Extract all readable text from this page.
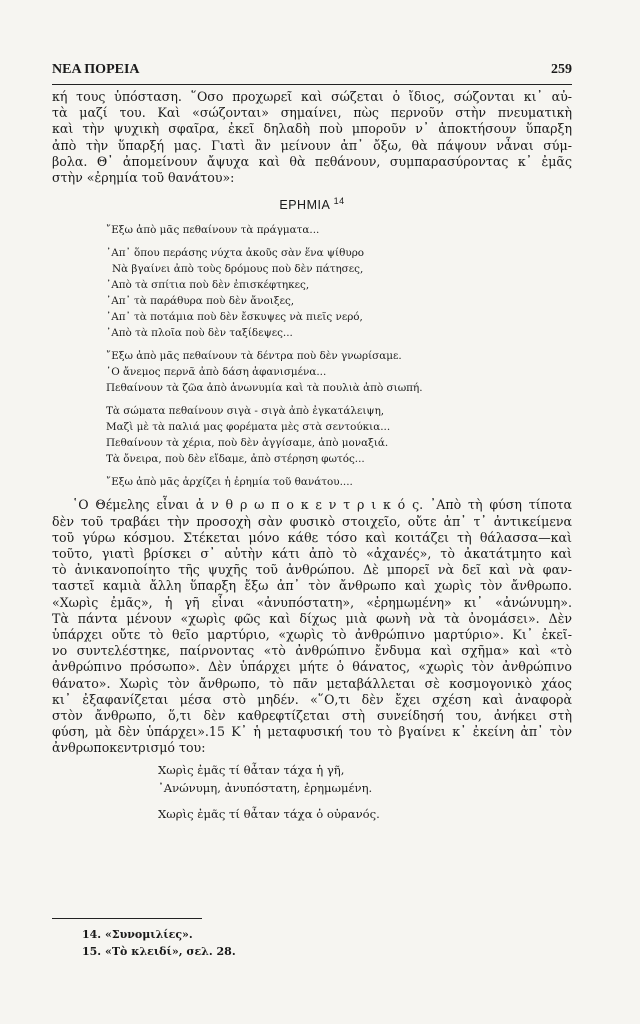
ΝΕΑ ΠΟΡΕΙΑ	259
κή τους ὑπόσταση. ῞Οσο προχωρεῖ καὶ σώζεται ὁ ἴδιος, σώζονται κι᾽ αὐ-
τὰ μαζί του. Καὶ «σώζονται» σημαίνει, πὼς περνοῦν στὴν πνευματικὴ
καὶ τὴν ψυχικὴ σφαῖρα, ἐκεῖ δηλαδὴ ποὺ μποροῦν ν᾽ ἀποκτήσουν ὕπαρξη
ἀπὸ τὴν ὕπαρξή μας. Γιατὶ ἂν μείνουν ἀπ᾽ ὄξω, θὰ πάψουν νἆναι σύμ-
βολα. Θ᾽ ἀπομείνουν ἄψυχα καὶ θὰ πεθάνουν, συμπαρασύροντας κ᾽ ἐμᾶς
στὴν «ἐρημία τοῦ θανάτου»:
ΕΡΗΜΙΑ $^{14}$
῎Εξω ἀπὸ μᾶς πεθαίνουν τὰ πράγματα...
᾽Απ᾽ ὅπου περάσης νύχτα ἀκοῦς σὰν ἕνα ψίθυρο
Νὰ βγαίνει ἀπὸ τοὺς δρόμους ποὺ δὲν πάτησες,
᾽Απὸ τὰ σπίτια ποὺ δὲν ἐπισκέφτηκες,
᾽Απ᾽ τὰ παράθυρα ποὺ δὲν ἄνοιξες,
᾽Απ᾽ τὰ ποτάμια ποὺ δὲν ἔσκυψες νὰ πιεῖς νερό,
᾽Απὸ τὰ πλοῖα ποὺ δὲν ταξίδεψες...
῎Εξω ἀπὸ μᾶς πεθαίνουν τὰ δέντρα ποὺ δὲν γνωρίσαμε.
῾Ο ἄνεμος περνᾶ ἀπὸ δάση ἀφανισμένα...
Πεθαίνουν τὰ ζῶα ἀπὸ ἀνωνυμία καὶ τὰ πουλιὰ ἀπὸ σιωπή.
Τὰ σώματα πεθαίνουν σιγὰ - σιγὰ ἀπὸ ἐγκατάλειψη,
Μαζὶ μὲ τὰ παλιά μας φορέματα μὲς στὰ σεντούκια...
Πεθαίνουν τὰ χέρια, ποὺ δὲν ἀγγίσαμε, ἀπὸ μοναξιά.
Τὰ ὄνειρα, ποὺ δὲν εἴδαμε, ἀπὸ στέρηση φωτός...
῎Εξω ἀπὸ μᾶς ἀρχίζει ἡ ἐρημία τοῦ θανάτου....
῾Ο Θέμελης εἶναι ἀ ν θ ρ ω π ο κ ε ν τ ρ ι κ ό ς. ᾽Απὸ τὴ φύση τίποτα
δὲν τοῦ τραβάει τὴν προσοχὴ σὰν φυσικὸ στοιχεῖο, οὔτε ἀπ᾽ τ᾽ ἀντικείμενα
τοῦ γύρω κόσμου. Στέκεται μόνο κάθε τόσο καὶ κοιτάζει τὴ θάλασσα—καὶ
τοῦτο, γιατὶ βρίσκει σ᾽ αὐτὴν κάτι ἀπὸ τὸ «ἀχανές», τὸ ἀκατάτμητο καὶ
τὸ ἀνικανοποίητο τῆς ψυχῆς τοῦ ἀνθρώπου. Δὲ μπορεῖ νὰ δεῖ καὶ νὰ φαν-
ταστεῖ καμιὰ ἄλλη ὕπαρξη ἔξω ἀπ᾽ τὸν ἄνθρωπο καὶ χωρὶς τὸν ἄνθρωπο.
«Χωρὶς ἐμᾶς», ἡ γῆ εἶναι «ἀνυπόστατη», «ἐρημωμένη» κι᾽ «ἀνώνυμη».
Τὰ πάντα μένουν «χωρὶς φῶς καὶ δίχως μιὰ φωνὴ νὰ τὰ ὀνομάσει». Δὲν
ὑπάρχει οὔτε τὸ θεῖο μαρτύριο, «χωρὶς τὸ ἀνθρώπινο μαρτύριο». Κι᾽ ἐκεῖ-
νο συντελέστηκε, παίρνοντας «τὸ ἀνθρώπινο ἔνδυμα καὶ σχῆμα» καὶ «τὸ
ἀνθρώπινο πρόσωπο». Δὲν ὑπάρχει μήτε ὁ θάνατος, «χωρὶς τὸν ἀνθρώπινο
θάνατο». Χωρὶς τὸν ἄνθρωπο, τὸ πᾶν μεταβάλλεται σὲ κοσμογονικὸ χάος
κι᾽ ἐξαφανίζεται μέσα στὸ μηδέν. «῞Ο,τι δὲν ἔχει σχέση καὶ ἀναφορὰ
στὸν ἄνθρωπο, ὅ,τι δὲν καθρεφτίζεται στὴ συνείδησή του, ἀνήκει στὴ
φύση, μὰ δὲν ὑπάρχει».15 Κ᾽ ἡ μεταφυσική του τὸ βγαίνει κ᾽ ἐκείνη ἀπ᾽ τὸν
ἀνθρωποκεντρισμό του:
Χωρὶς ἐμᾶς τί θἆταν τάχα ἡ γῆ,
᾽Ανώνυμη, ἀνυπόστατη, ἐρημωμένη.
Χωρὶς ἐμᾶς τί θἆταν τάχα ὁ οὐρανός.
14. «Συνομιλίες».
15. «Τὸ κλειδί», σελ. 28.
